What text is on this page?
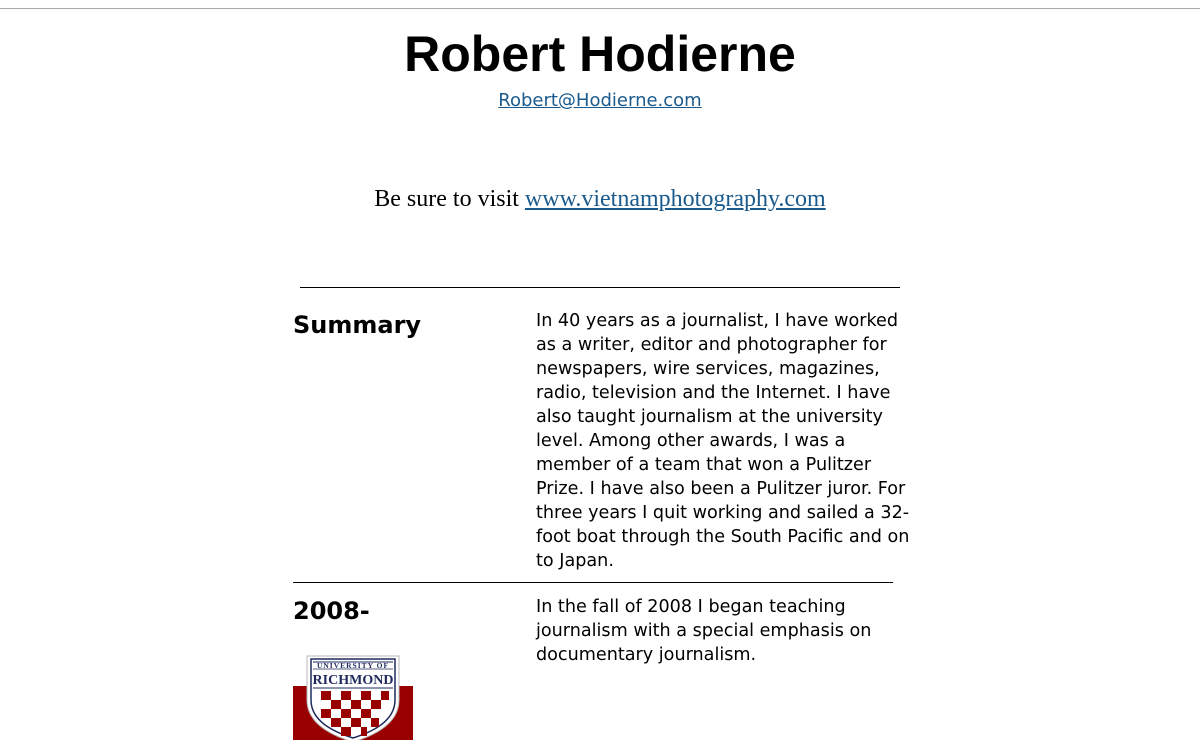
Robert Hodierne
Robert@Hodierne.com
Be sure to visit www.vietnamphotography.com
Summary	In 40 years as a journalist, I have worked as a writer, editor and photographer for newspapers, wire services, magazines, radio, television and the Internet. I have also taught journalism at the university level. Among other awards, I was a member of a team that won a Pulitzer Prize. I have also been a Pulitzer juror. For three years I quit working and sailed a 32-foot boat through the South Pacific and on to Japan.

2008-	In the fall of 2008 I began teaching journalism with a special emphasis on documentary journalism.

UNIVERSITY OF
RICHMOND
